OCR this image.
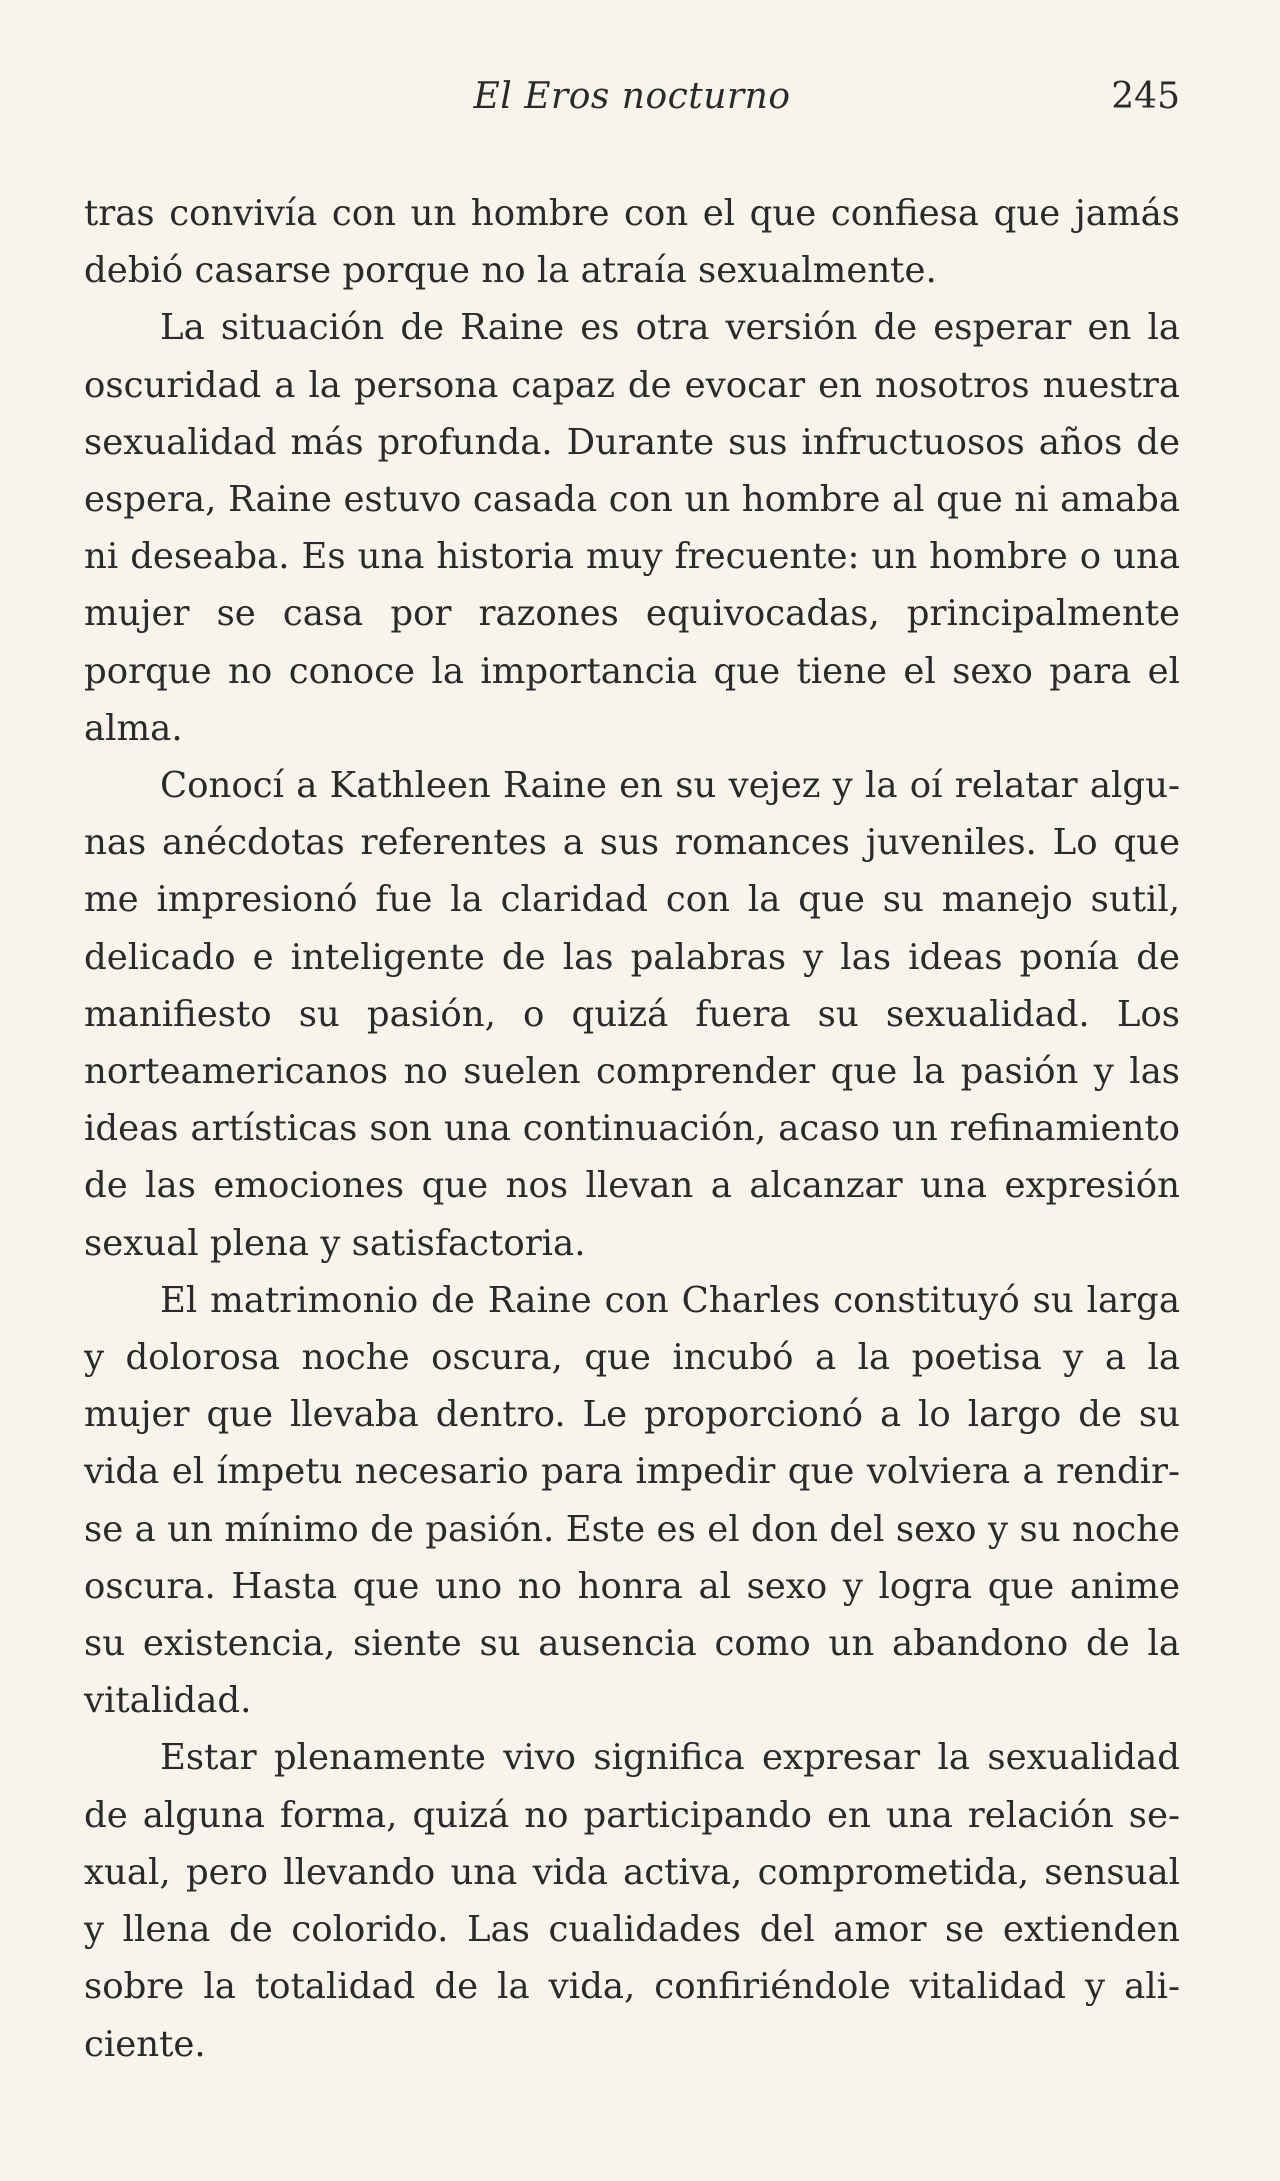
El Eros nocturno	245

tras convivía con un hombre con el que confiesa que jamás debió casarse porque no la atraía sexualmente.

La situación de Raine es otra versión de esperar en la oscuridad a la persona capaz de evocar en nosotros nuestra sexualidad más profunda. Durante sus infructuosos años de espera, Raine estuvo casada con un hombre al que ni amaba ni deseaba. Es una historia muy frecuente: un hombre o una mujer se casa por razones equivocadas, principalmente porque no conoce la importancia que tiene el sexo para el alma.

Conocí a Kathleen Raine en su vejez y la oí relatar algunas anécdotas referentes a sus romances juveniles. Lo que me impresionó fue la claridad con la que su manejo sutil, delicado e inteligente de las palabras y las ideas ponía de manifiesto su pasión, o quizá fuera su sexualidad. Los norteamericanos no suelen comprender que la pasión y las ideas artísticas son una continuación, acaso un refinamiento de las emociones que nos llevan a alcanzar una expresión sexual plena y satisfactoria.

El matrimonio de Raine con Charles constituyó su larga y dolorosa noche oscura, que incubó a la poetisa y a la mujer que llevaba dentro. Le proporcionó a lo largo de su vida el ímpetu necesario para impedir que volviera a rendirse a un mínimo de pasión. Este es el don del sexo y su noche oscura. Hasta que uno no honra al sexo y logra que anime su existencia, siente su ausencia como un abandono de la vitalidad.

Estar plenamente vivo significa expresar la sexualidad de alguna forma, quizá no participando en una relación sexual, pero llevando una vida activa, comprometida, sensual y llena de colorido. Las cualidades del amor se extienden sobre la totalidad de la vida, confiriéndole vitalidad y aliciente.
